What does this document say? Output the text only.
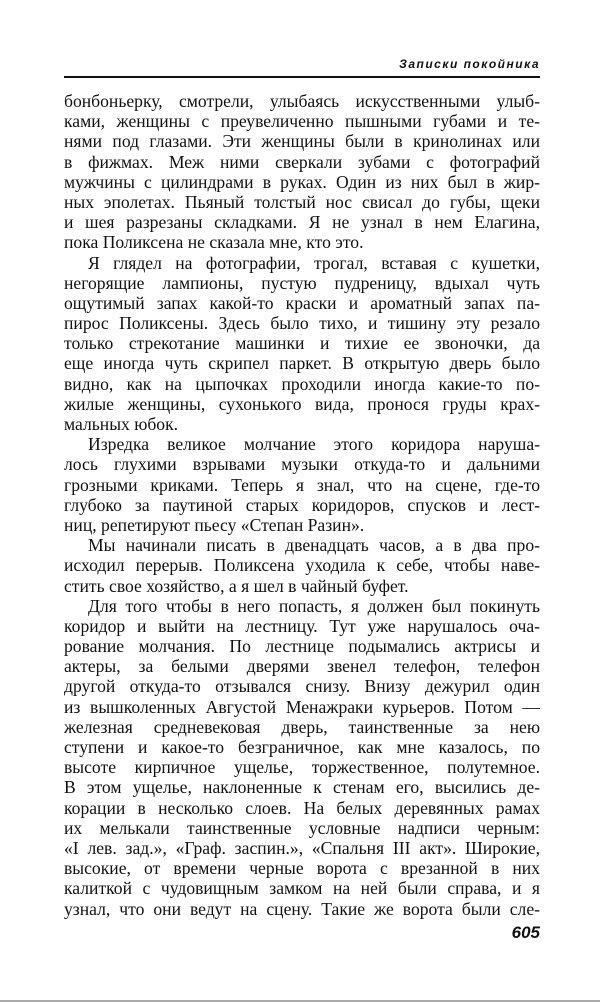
Записки покойника
бонбоньерку, смотрели, улыбаясь искусственными улыб-
ками, женщины с преувеличенно пышными губами и те-
нями под глазами. Эти женщины были в кринолинах или
в фижмах. Меж ними сверкали зубами с фотографий
мужчины с цилиндрами в руках. Один из них был в жир-
ных эполетах. Пьяный толстый нос свисал до губы, щеки
и шея разрезаны складками. Я не узнал в нем Елагина,
пока Поликсена не сказала мне, кто это.
Я глядел на фотографии, трогал, вставая с кушетки,
негорящие лампионы, пустую пудреницу, вдыхал чуть
ощутимый запах какой-то краски и ароматный запах па-
пирос Поликсены. Здесь было тихо, и тишину эту резало
только стрекотание машинки и тихие ее звоночки, да
еще иногда чуть скрипел паркет. В открытую дверь было
видно, как на цыпочках проходили иногда какие-то по-
жилые женщины, сухонького вида, пронося груды крах-
мальных юбок.
Изредка великое молчание этого коридора наруша-
лось глухими взрывами музыки откуда-то и дальними
грозными криками. Теперь я знал, что на сцене, где-то
глубоко за паутиной старых коридоров, спусков и лест-
ниц, репетируют пьесу «Степан Разин».
Мы начинали писать в двенадцать часов, а в два про-
исходил перерыв. Поликсена уходила к себе, чтобы наве-
стить свое хозяйство, а я шел в чайный буфет.
Для того чтобы в него попасть, я должен был покинуть
коридор и выйти на лестницу. Тут уже нарушалось оча-
рование молчания. По лестнице подымались актрисы и
актеры, за белыми дверями звенел телефон, телефон
другой откуда-то отзывался снизу. Внизу дежурил один
из вышколенных Августой Менажраки курьеров. Потом —
железная средневековая дверь, таинственные за нею
ступени и какое-то безграничное, как мне казалось, по
высоте кирпичное ущелье, торжественное, полутемное.
В этом ущелье, наклоненные к стенам его, высились де-
корации в несколько слоев. На белых деревянных рамах
их мелькали таинственные условные надписи черным:
«I лев. зад.», «Граф. заспин.», «Спальня III акт». Широкие,
высокие, от времени черные ворота с врезанной в них
калиткой с чудовищным замком на ней были справа, и я
узнал, что они ведут на сцену. Такие же ворота были сле-
605
